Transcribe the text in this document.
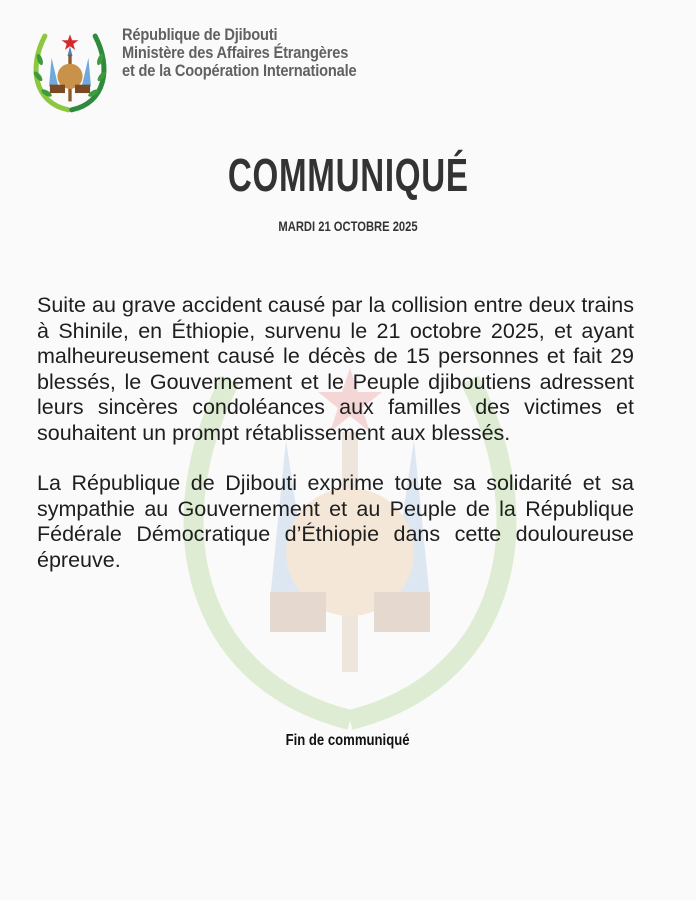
République de Djibouti
Ministère des Affaires Étrangères
et de la Coopération Internationale
COMMUNIQUÉ
MARDI 21 OCTOBRE 2025

Suite au grave accident causé par la collision entre deux trains à Shinile, en Éthiopie, survenu le 21 octobre 2025, et ayant malheureusement causé le décès de 15 personnes et fait 29 blessés, le Gouvernement et le Peuple djiboutiens adressent leurs sincères condoléances aux familles des victimes et souhaitent un prompt rétablissement aux blessés.

La République de Djibouti exprime toute sa solidarité et sa sympathie au Gouvernement et au Peuple de la République Fédérale Démocratique d’Éthiopie dans cette douloureuse épreuve.

Fin de communiqué
